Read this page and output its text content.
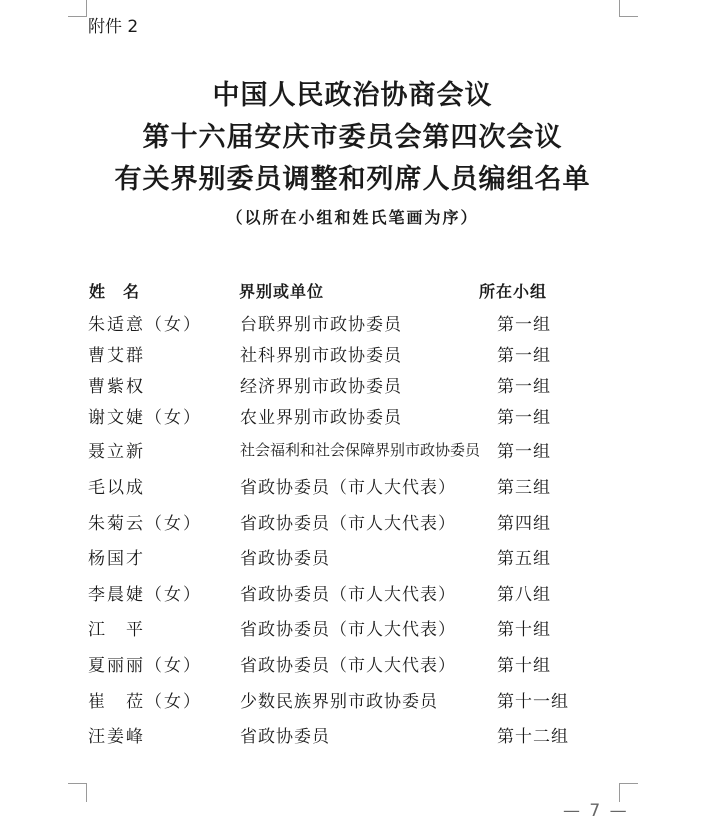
附件 2
中国人民政治协商会议
第十六届安庆市委员会第四次会议
有关界别委员调整和列席人员编组名单
（以所在小组和姓氏笔画为序）
姓名	界别或单位	所在小组
朱适意（女） 台联界别市政协委员	第一组
曹艾群	社科界别市政协委员	第一组
曹紫权	经济界别市政协委员	第一组
谢文婕（女） 农业界别市政协委员	第一组
聂立新	社会福利和社会保障界别市政协委员 第一组
毛以成	省政协委员（市人大代表） 第三组
朱菊云（女） 省政协委员（市人大代表） 第四组
杨国才	省政协委员	第五组
李晨婕（女） 省政协委员（市人大代表） 第八组
江　平	省政协委员（市人大代表） 第十组
夏丽丽（女） 省政协委员（市人大代表） 第十组
崔　莅（女） 少数民族界别市政协委员	第十一组
汪姜峰	省政协委员	第十二组
— 7 —
